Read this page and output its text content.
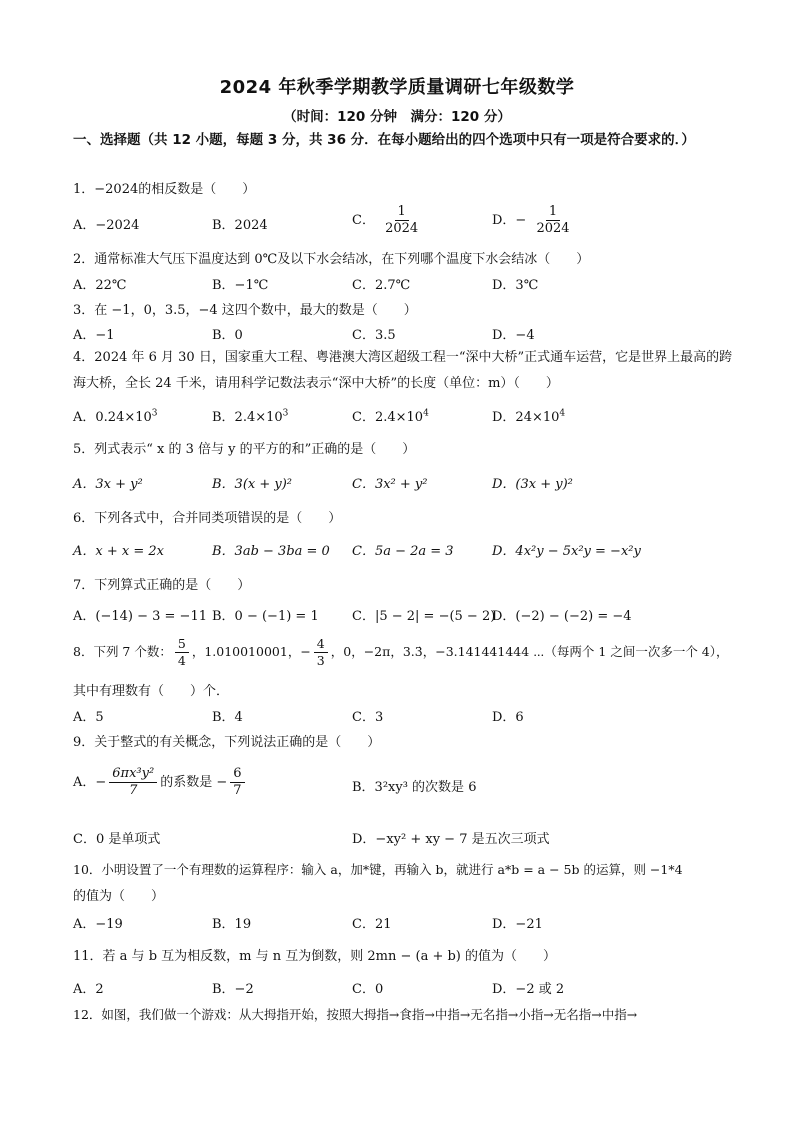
2024 年秋季学期教学质量调研七年级数学
（时间：120 分钟　满分：120 分）
一、选择题（共 12 小题，每题 3 分，共 36 分．在每小题给出的四个选项中只有一项是符合要求的．）
1．−2024的相反数是（　　）
A．−2024	B．2024	C． $\frac{1}{2024}$	D．− $\frac{1}{2024}$
2．通常标准大气压下温度达到 0℃及以下水会结冰，在下列哪个温度下水会结冰（　　）
A．22℃	B．−1℃	C．2.7℃	D．3℃
3．在 −1，0，3.5，−4 这四个数中，最大的数是（　　）
A．−1	B．0	C．3.5	D．−4
4．2024 年 6 月 30 日，国家重大工程、粤港澳大湾区超级工程一“深中大桥”正式通车运营，它是世界上最高的跨海大桥，全长 24 千米，请用科学记数法表示“深中大桥”的长度（单位：m）（　　）
A．$0.24\times 10^3$	B．$2.4\times 10^3$	C．$2.4\times 10^4$	D．$24\times 10^4$
5．列式表示“ x 的 3 倍与 y 的平方的和”正确的是（　　）
A．3x + y²	B．3(x + y)²	C．3x² + y²	D．(3x + y)²
6．下列各式中，合并同类项错误的是（　　）
A．x + x = 2x	B．3ab − 3ba = 0 C．5a − 2a = 3	D．4x²y − 5x²y = −x²y
7．下列算式正确的是（　　）
A．(−14) − 3 = −11 B．0 − (−1) = 1	C．|5 − 2| = −(5 − 2)
D．(−2) − (−2) = −4
8．下列 7 个数： $\frac{5}{4}$ ，1.010010001，− $\frac{4}{3}$ ，0，−2π，3.3̇，−3.141441444 ⋯（每两个 1 之间一次多一个 4），
其中有理数有（　　）个．
A．5	B．4	C．3	D．6
9．关于整式的有关概念，下列说法正确的是（　　）
A．− $\frac{\text{6πx³y²}}{7}$ 的系数是 − $\frac{6}{7}$	B．3²xy³ 的次数是 6
C．0 是单项式	D．−xy² + xy − 7 是五次三项式
10．小明设置了一个有理数的运算程序：输入 a，加*键，再输入 b，就进行 a*b = a − 5b 的运算，则 −1*4
的值为（　　）
A．−19	B．19	C．21	D．−21
11．若 a 与 b 互为相反数，m 与 n 互为倒数，则 2mn − (a + b) 的值为（　　）
A．2	B．−2	C．0	D．−2 或 2
12．如图，我们做一个游戏：从大拇指开始，按照大拇指→食指→中指→无名指→小指→无名指→中指→
